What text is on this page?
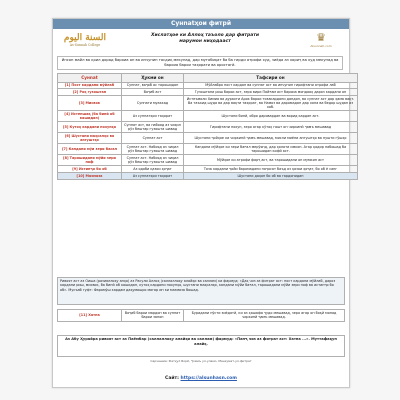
Сунnatҳои фитрӣ
السنة اليوم
As-Sunnah College
Хислатҳое ки Аллоҳ таъоло дар фитрати марумон ниҳодааст	♛
Alsunnah.com
Инсон майл ва қоил дорад бароиа он ва инчунин тасдиқ мекунад, дар мутобиқат ба ба гирди атрофи худ, зиёда аз хориҷ ва худ мекунад ва бароиа барои таҳорати ва оростагӣ.
Сунnat	Ҳукми он	Тафсири он
[1] Пост кардани мӯйлаб	Суннат, ваҷоб ас тарошидан	Мӯйлабро пост кардан ва суннат аст ва инчунин гирифтани атрофи лаб
[2] Роҳ гузоштан	Воҷиб аст	Гузоштани риш барои аст, зеро вири Пайғам аст бароиа мондааҳ дароз кардани он
[3] Мисвок	Суннати муаккад	Истеъмоли Химиа ва дурахти Арок барои тозакардани дандон, ва суннат аст дар ҳама вақт. Ва таъкид шуда ва дар вақти таҳорат, ва Намоз ва даромадан дар хона ва бедор шудан аз хоб.
[4] Истеншақ (ба бинӣ об кашидан)	Аз суннатҳои таҳорат	Шустани бинӣ, обро даровардан ва ворид кардан аст.
[5] Кутоҳ кардани нохунҳо	Суннат аст, ва набояд аз чиҳил рӯз бештар гузошта шавад	Гирифтани нохун, зеро агар кӯтоҳ гашт он чиркинӣ ҷамъ мешавад
[6] Шустани маҳсалҳо ва ангуштҳо	Суннат аст	Шустани ҷойҳое ки чиркинӣ ҷамъ мешавад, мисли миёни ангуштҳо ва пушти гӯшҳо
[7] Кандани мӯи зери бағал	Суннат аст. Набояд аз чиҳил рӯз бештар гузошта шавад	Кандани мӯйҳое ки зери бағал мерӯянд, дар ҳолати имкон. Агар қодир набошад ба тарошидан кофӣ аст.
[8] Тарошидани мӯйи зери ноф	Суннат аст. Набояд аз чиҳил рӯз бештар гузошта шавад	Мӯйҳое ки атрофи фарҷ аст, ва тарошидани он мумкин аст
[9] Истинҷо бо об	Аз одоби қазои ҳоҷат	Тоза кардани ҷойи баромадани наҷосат баъд аз қазои ҳоҷат, бо об ё санг
[10] Мазмаза	Аз суннатҳои таҳорат	Шустани даҳон бо об ва гардонидан
Ривоят аст аз Оиша (разияллоҳу анҳо) аз Расули Аллоҳ (саллаллоҳу алайҳи ва саллам) ки фармуд: «Даҳ чиз аз фитрат аст: пост кардани мӯйлаб, дароз кардани риш, мисвок, ба бинӣ об кашидан, кутоҳ кардани нохунҳо, шустани маҳсалҳо, кандани мӯйи бағал, тарошидани мӯйи зери ноф ва истинҷо бо об». Мусъаб гуфт: Фаромӯш кардам даҳумашро магар ин ки мазмаза бошад.
[11] Хатна	Воҷиб барои мардон ва суннат барои занон	Буридани пӯсти зиёдатӣ, ки аз ҳашафа ҷудо мешавад, зеро агар он боқӣ монад чиркинӣ ҷамъ мешавад.
Аз Абу Ҳурайра ривоят аст аз Паёмбар (саллаллоҳу алайҳи ва саллам) фармуд: «Панҷ чиз аз фитрат аст: Хатна ...». Муттафақун алайҳ.
Сарчашма: Фатҳул Борӣ, Ҷомиъ ул-уламо, Манзумат-ул-фитрат
Сайт: https://alsunhasn.com
